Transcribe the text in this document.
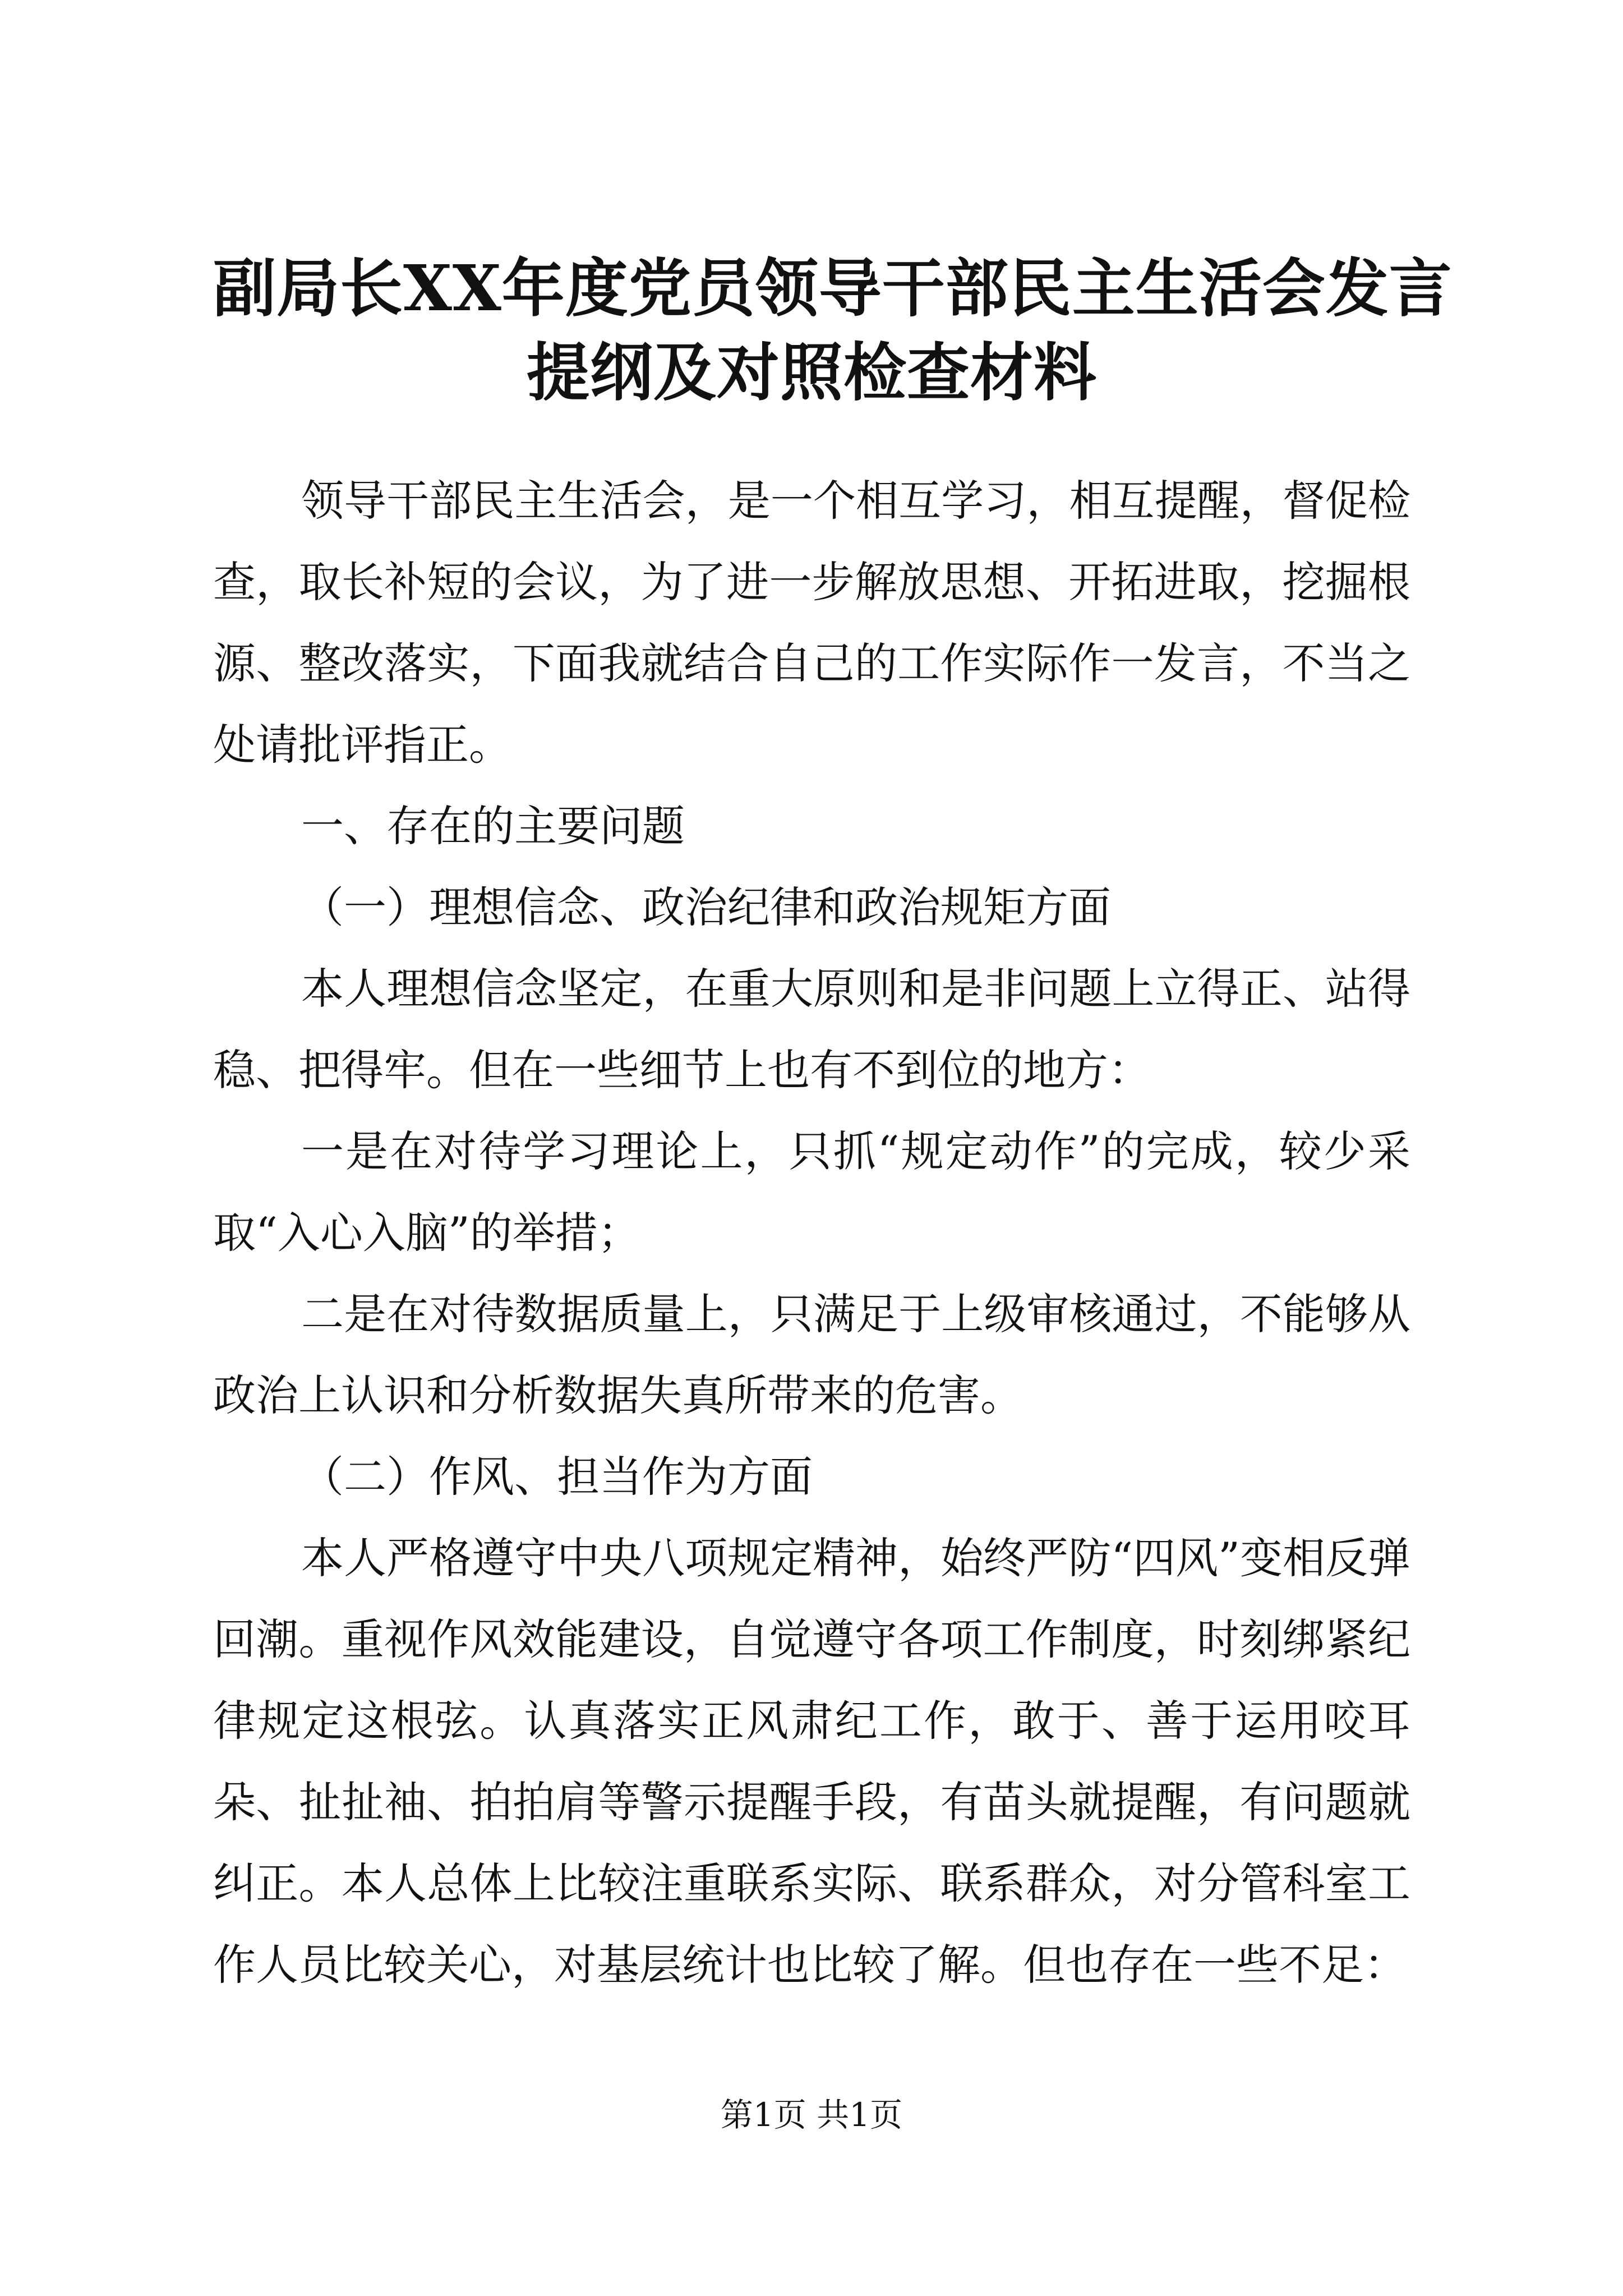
副局长XX年度党员领导干部民主生活会发言
提纲及对照检查材料

领导干部民主生活会，是一个相互学习，相互提醒，督促检查，取长补短的会议，为了进一步解放思想、开拓进取，挖掘根源、整改落实，下面我就结合自己的工作实际作一发言，不当之处请批评指正。

一、存在的主要问题

（一）理想信念、政治纪律和政治规矩方面

本人理想信念坚定，在重大原则和是非问题上立得正、站得稳、把得牢。但在一些细节上也有不到位的地方：

一是在对待学习理论上，只抓“规定动作”的完成，较少采取“入心入脑”的举措；

二是在对待数据质量上，只满足于上级审核通过，不能够从政治上认识和分析数据失真所带来的危害。

（二）作风、担当作为方面

本人严格遵守中央八项规定精神，始终严防“四风”变相反弹回潮。重视作风效能建设，自觉遵守各项工作制度，时刻绑紧纪律规定这根弦。认真落实正风肃纪工作，敢于、善于运用咬耳朵、扯扯袖、拍拍肩等警示提醒手段，有苗头就提醒，有问题就纠正。本人总体上比较注重联系实际、联系群众，对分管科室工作人员比较关心，对基层统计也比较了解。但也存在一些不足：

第1页 共1页
